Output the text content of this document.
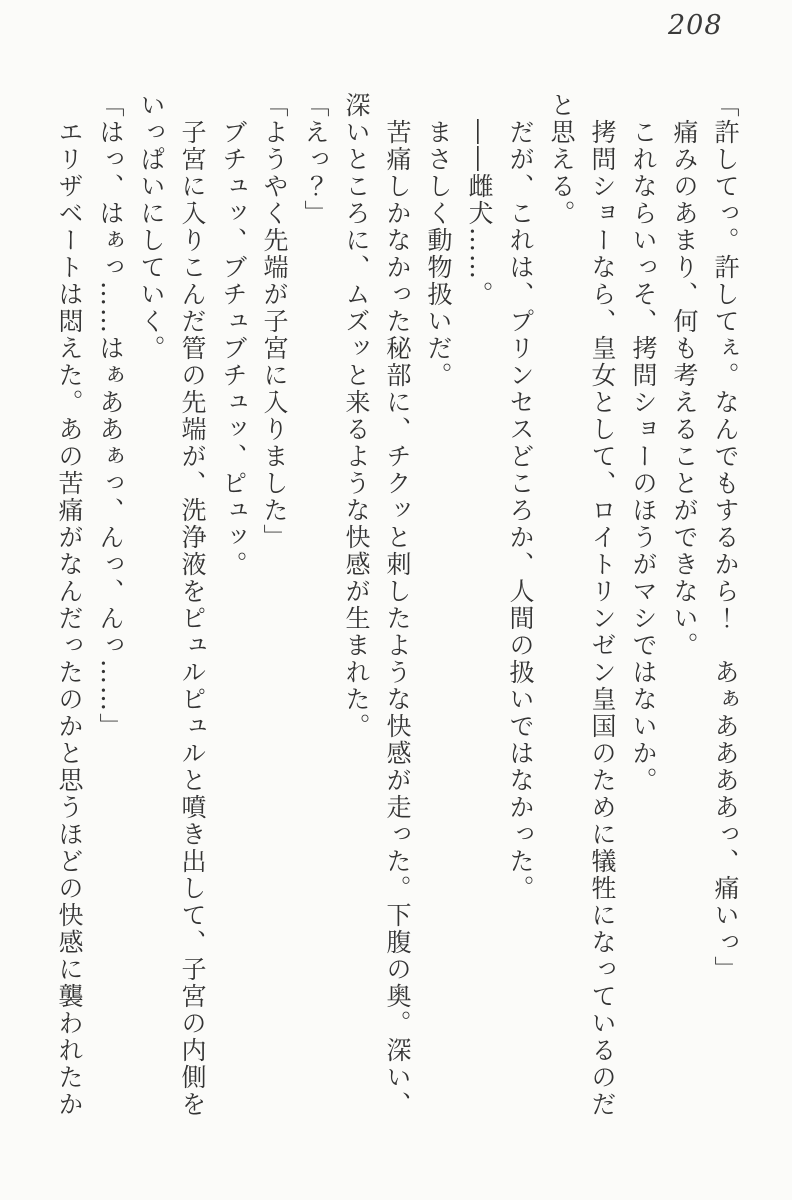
208
「許してっ。許してぇ。なんでもするから！　あぁああああっ、痛いっ」
痛みのあまり、何も考えることができない。
これならいっそ、拷問ショーのほうがマシではないか。
拷問ショーなら、皇女として、ロイトリンゼン皇国のために犠牲になっているのだ
と思える。
だが、これは、プリンセスどころか、人間の扱いではなかった。
――雌犬……。
まさしく動物扱いだ。
苦痛しかなかった秘部に、チクッと刺したような快感が走った。下腹の奥。深い、
深いところに、ムズッと来るような快感が生まれた。
「えっ？」
「ようやく先端が子宮に入りました」
ブチュッ、ブチュブチュッ、ピュッ。
子宮に入りこんだ管の先端が、洗浄液をピュルピュルと噴き出して、子宮の内側を
いっぱいにしていく。
「はっ、はぁっ……はぁああぁっ、んっ、んっ……」
エリザベートは悶えた。あの苦痛がなんだったのかと思うほどの快感に襲われたか
